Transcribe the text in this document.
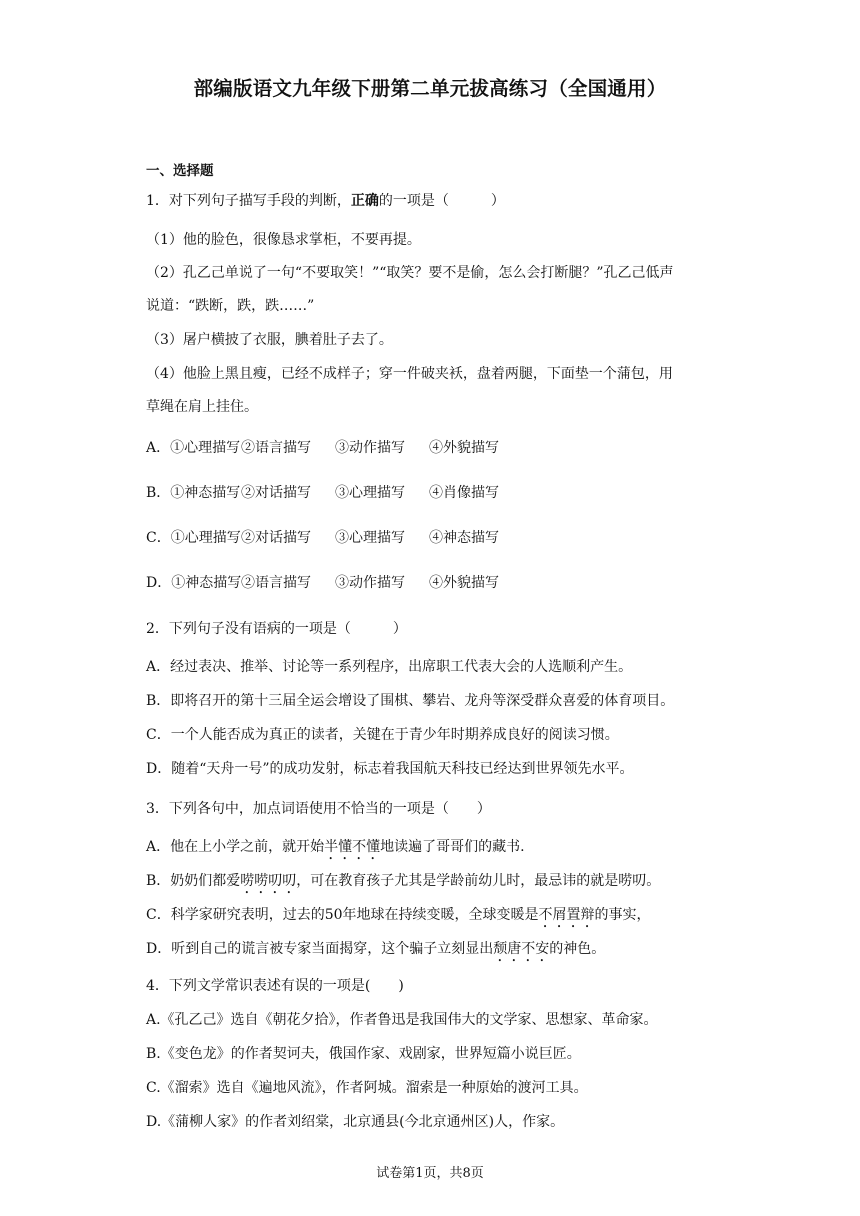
部编版语文九年级下册第二单元拔高练习（全国通用）
一、选择题
1．对下列句子描写手段的判断，正确的一项是（　　　）
（1）他的脸色，很像恳求掌柜，不要再提。
（2）孔乙己单说了一句“不要取笑！”“取笑？要不是偷，怎么会打断腿？”孔乙己低声
说道：“跌断，跌，跌……”
（3）屠户横披了衣服，腆着肚子去了。
（4）他脸上黑且瘦，已经不成样子；穿一件破夹袄，盘着两腿，下面垫一个蒲包，用
草绳在肩上挂住。
A．①心理描写②语言描写 ③动作描写 ④外貌描写
B．①神态描写②对话描写 ③心理描写 ④肖像描写
C．①心理描写②对话描写 ③心理描写 ④神态描写
D．①神态描写②语言描写 ③动作描写 ④外貌描写
2．下列句子没有语病的一项是（　　　）
A．经过表决、推举、讨论等一系列程序，出席职工代表大会的人选顺利产生。
B．即将召开的第十三届全运会增设了围棋、攀岩、龙舟等深受群众喜爱的体育项目。
C．一个人能否成为真正的读者，关键在于青少年时期养成良好的阅读习惯。
D．随着“天舟一号”的成功发射，标志着我国航天科技已经达到世界领先水平。
3．下列各句中，加点词语使用不恰当的一项是（　　）
A．他在上小学之前，就开始半懂不懂地读遍了哥哥们的藏书.
B．奶奶们都爱唠唠叨叨，可在教育孩子尤其是学龄前幼儿时，最忌讳的就是唠叨。
C．科学家研究表明，过去的50年地球在持续变暖，全球变暖是不屑置辩的事实，
D．听到自己的谎言被专家当面揭穿，这个骗子立刻显出颓唐不安的神色。
4．下列文学常识表述有误的一项是(　　)
A.《孔乙己》选自《朝花夕拾》，作者鲁迅是我国伟大的文学家、思想家、革命家。
B.《变色龙》的作者契诃夫，俄国作家、戏剧家，世界短篇小说巨匠。
C.《溜索》选自《遍地风流》，作者阿城。溜索是一种原始的渡河工具。
D.《蒲柳人家》的作者刘绍棠，北京通县(今北京通州区)人，作家。
试卷第1页，共8页
